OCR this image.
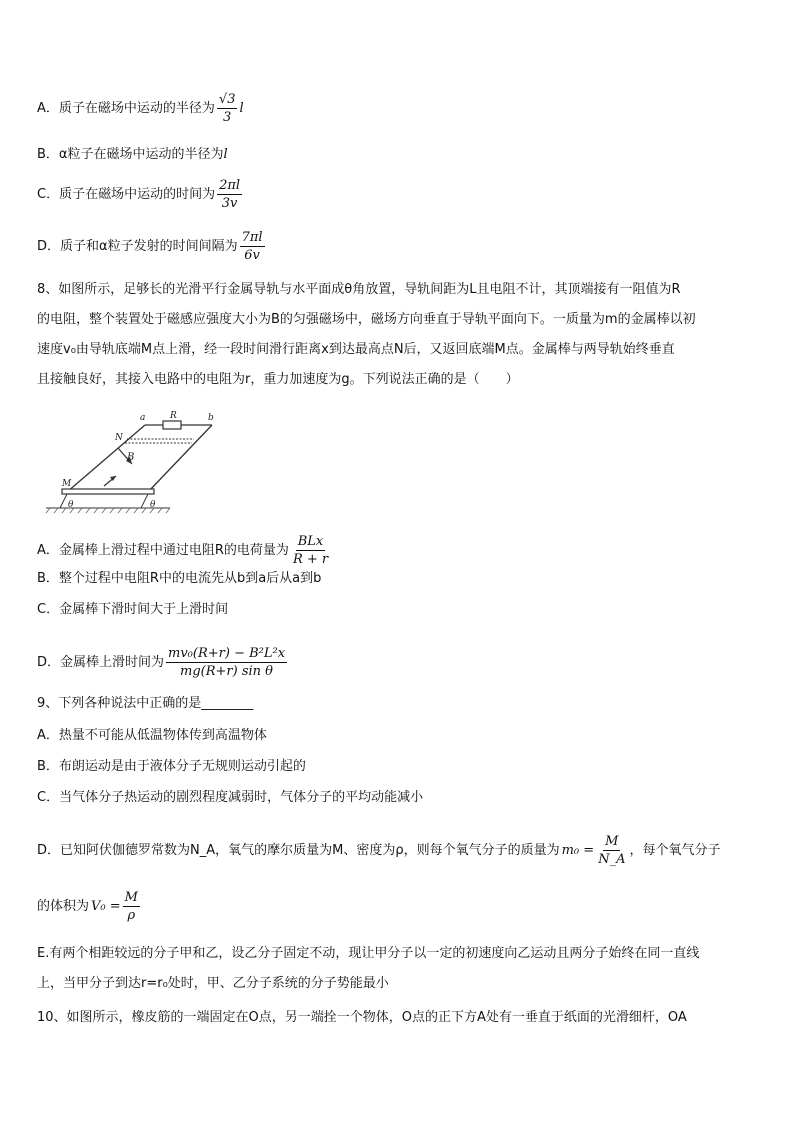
A．质子在磁场中运动的半径为 $\frac{√3}{3}$ l
B．α粒子在磁场中运动的半径为 l
C．质子在磁场中运动的时间为 $\frac{2\pi l}{3v}$
D．质子和α粒子发射的时间间隔为 $\frac{7\pi l}{6v}$
8、如图所示，足够长的光滑平行金属导轨与水平面成θ角放置，导轨间距为L且电阻不计，其顶端接有一阻值为R
的电阻，整个装置处于磁感应强度大小为B的匀强磁场中，磁场方向垂直于导轨平面向下。一质量为m的金属棒以初
速度v₀由导轨底端M点上滑，经一段时间滑行距离x到达最高点N后，又返回底端M点。金属棒与两导轨始终垂直
且接触良好，其接入电路中的电阻为r，重力加速度为g。下列说法正确的是（　　）
a	R	b
N
B
M
θ	θ
A．金属棒上滑过程中通过电阻R的电荷量为 $\frac{\text{BLx}}{R + r}$
B．整个过程中电阻R中的电流先从b到a后从a到b
C．金属棒下滑时间大于上滑时间
D．金属棒上滑时间为 $\frac{\text{mv₀(R+r) − B²L²x}}{\text{mg(R+r) sin θ}}$
9、下列各种说法中正确的是________
A．热量不可能从低温物体传到高温物体
B．布朗运动是由于液体分子无规则运动引起的
C．当气体分子热运动的剧烈程度减弱时，气体分子的平均动能减小
D．已知阿伏伽德罗常数为N_A，氧气的摩尔质量为M、密度为ρ，则每个氧气分子的质量为 $m_0 = \frac{M}{N\_A}$ ，每个氧气分子
的体积为 $V_0 = \frac{M}{\rho}$
E.有两个相距较远的分子甲和乙，设乙分子固定不动，现让甲分子以一定的初速度向乙运动且两分子始终在同一直线
上，当甲分子到达r=r₀处时，甲、乙分子系统的分子势能最小
10、如图所示，橡皮筋的一端固定在O点，另一端拴一个物体，O点的正下方A处有一垂直于纸面的光滑细杆，OA
